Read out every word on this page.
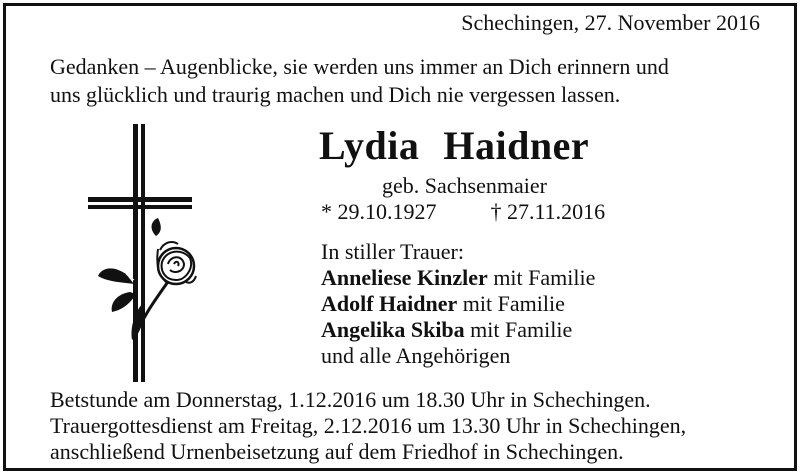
Schechingen, 27. November 2016
Gedanken – Augenblicke, sie werden uns immer an Dich erinnern und
uns glücklich und traurig machen und Dich nie vergessen lassen.
Lydia Haidner
geb. Sachsenmaier
* 29.10.1927 † 27.11.2016
In stiller Trauer:
Anneliese Kinzler mit Familie
Adolf Haidner mit Familie
Angelika Skiba mit Familie
und alle Angehörigen
Betstunde am Donnerstag, 1.12.2016 um 18.30 Uhr in Schechingen.
Trauergottesdienst am Freitag, 2.12.2016 um 13.30 Uhr in Schechingen,
anschließend Urnenbeisetzung auf dem Friedhof in Schechingen.
